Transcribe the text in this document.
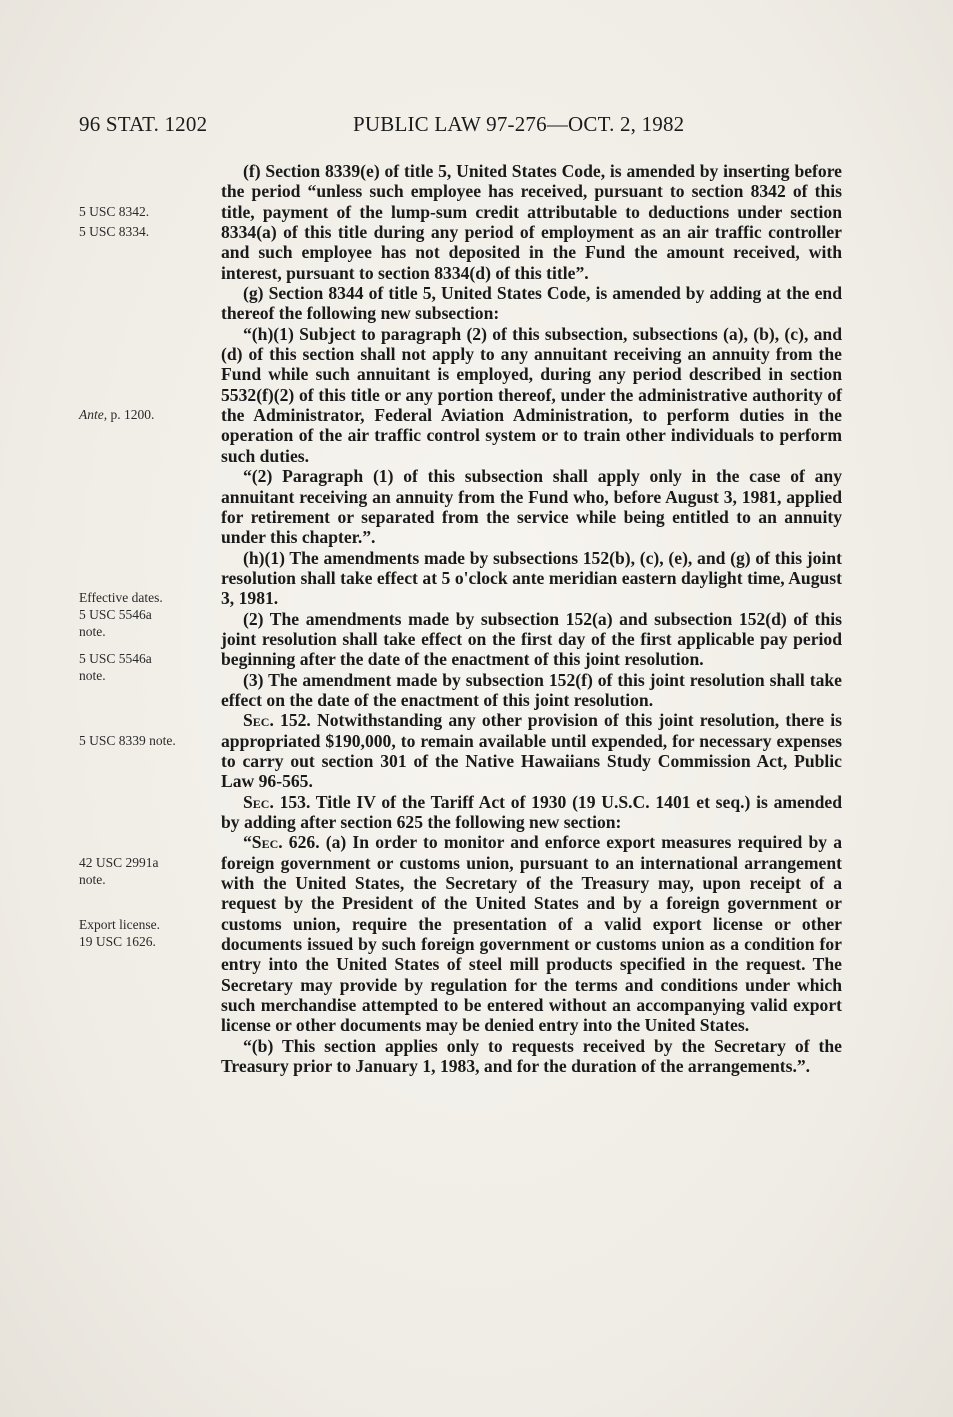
96 STAT. 1202	PUBLIC LAW 97-276—OCT. 2, 1982
5 USC 8342.
5 USC 8334.
Ante, p. 1200.
Effective dates.
5 USC 5546a
note.
5 USC 5546a
note.
5 USC 8339 note.
42 USC 2991a
note.
Export license.
19 USC 1626.

(f) Section 8339(e) of title 5, United States Code, is amended by inserting before the period “unless such employee has received, pursuant to section 8342 of this title, payment of the lump-sum credit attributable to deductions under section 8334(a) of this title during any period of employment as an air traffic controller and such employee has not deposited in the Fund the amount received, with interest, pursuant to section 8334(d) of this title”.

(g) Section 8344 of title 5, United States Code, is amended by adding at the end thereof the following new subsection:

“(h)(1) Subject to paragraph (2) of this subsection, subsections (a), (b), (c), and (d) of this section shall not apply to any annuitant receiving an annuity from the Fund while such annuitant is employed, during any period described in section 5532(f)(2) of this title or any portion thereof, under the administrative authority of the Administrator, Federal Aviation Administration, to perform duties in the operation of the air traffic control system or to train other individuals to perform such duties.

“(2) Paragraph (1) of this subsection shall apply only in the case of any annuitant receiving an annuity from the Fund who, before August 3, 1981, applied for retirement or separated from the service while being entitled to an annuity under this chapter.”.

(h)(1) The amendments made by subsections 152(b), (c), (e), and (g) of this joint resolution shall take effect at 5 o'clock ante meridian eastern daylight time, August 3, 1981.

(2) The amendments made by subsection 152(a) and subsection 152(d) of this joint resolution shall take effect on the first day of the first applicable pay period beginning after the date of the enactment of this joint resolution.

(3) The amendment made by subsection 152(f) of this joint resolution shall take effect on the date of the enactment of this joint resolution.

Sec. 152. Notwithstanding any other provision of this joint resolution, there is appropriated $190,000, to remain available until expended, for necessary expenses to carry out section 301 of the Native Hawaiians Study Commission Act, Public Law 96-565.

Sec. 153. Title IV of the Tariff Act of 1930 (19 U.S.C. 1401 et seq.) is amended by adding after section 625 the following new section:

“Sec. 626. (a) In order to monitor and enforce export measures required by a foreign government or customs union, pursuant to an international arrangement with the United States, the Secretary of the Treasury may, upon receipt of a request by the President of the United States and by a foreign government or customs union, require the presentation of a valid export license or other documents issued by such foreign government or customs union as a condition for entry into the United States of steel mill products specified in the request. The Secretary may provide by regulation for the terms and conditions under which such merchandise attempted to be entered without an accompanying valid export license or other documents may be denied entry into the United States.

“(b) This section applies only to requests received by the Secretary of the Treasury prior to January 1, 1983, and for the duration of the arrangements.”.
